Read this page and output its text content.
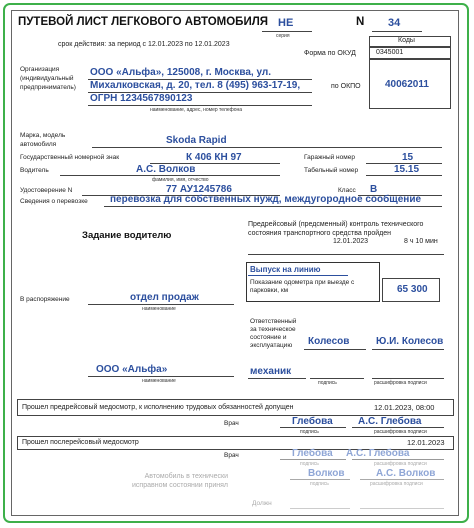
ПУТЕВОЙ ЛИСТ ЛЕГКОВОГО АВТОМОБИЛЯ НЕ
серия
N 34
срок действия: за период с 12.01.2023 по 12.01.2023
Коды
Форма по ОКУД	0345001
по ОКПО 40062011
Организация (индивидуальный предприниматель)
ООО «Альфа», 125008, г. Москва, ул. Михалковская, д. 20, тел. 8 (495) 963-17-19, ОГРН 1234567890123
наименование, адрес, номер телефона
Марка, модель автомобиля	Skoda Rapid
Государственный номерной знак	К 406 КН 97	Гаражный номер	15
Водитель	А.С. Волков
фамилия, имя, отчество
Табельный номер	15.15
Удостоверение N	77 АУ1245786	Класс В
Сведения о перевозке перевозка для собственных нужд, междугородное сообщение
Задание водителю
Предрейсовый (предсменный) контроль технического состояния транспортного средства пройден
12.01.2023	8 ч 10 мин
Выпуск на линию
Показание одометра при выезде с парковки, км	65 300
В распоряжение	отдел продаж
наименование
Ответственный за техническое состояние и эксплуатацию	Колесов	Ю.И. Колесов
механик
подпись	расшифровка подписи
ООО «Альфа»
наименование
Прошел предрейсовый медосмотр, к исполнению трудовых обязанностей допущен	12.01.2023, 08:00
Врач	Глебова	А.С. Глебова
подпись	расшифровка подписи
Прошел послерейсовый медосмотр	12.01.2023
Врач	Глебова А.С. Глебова
подпись	расшифровка подписи
Автомобиль в технически исправном состоянии принял
Волков	А.С. Волков
подпись	расшифровка подписи
Должн
